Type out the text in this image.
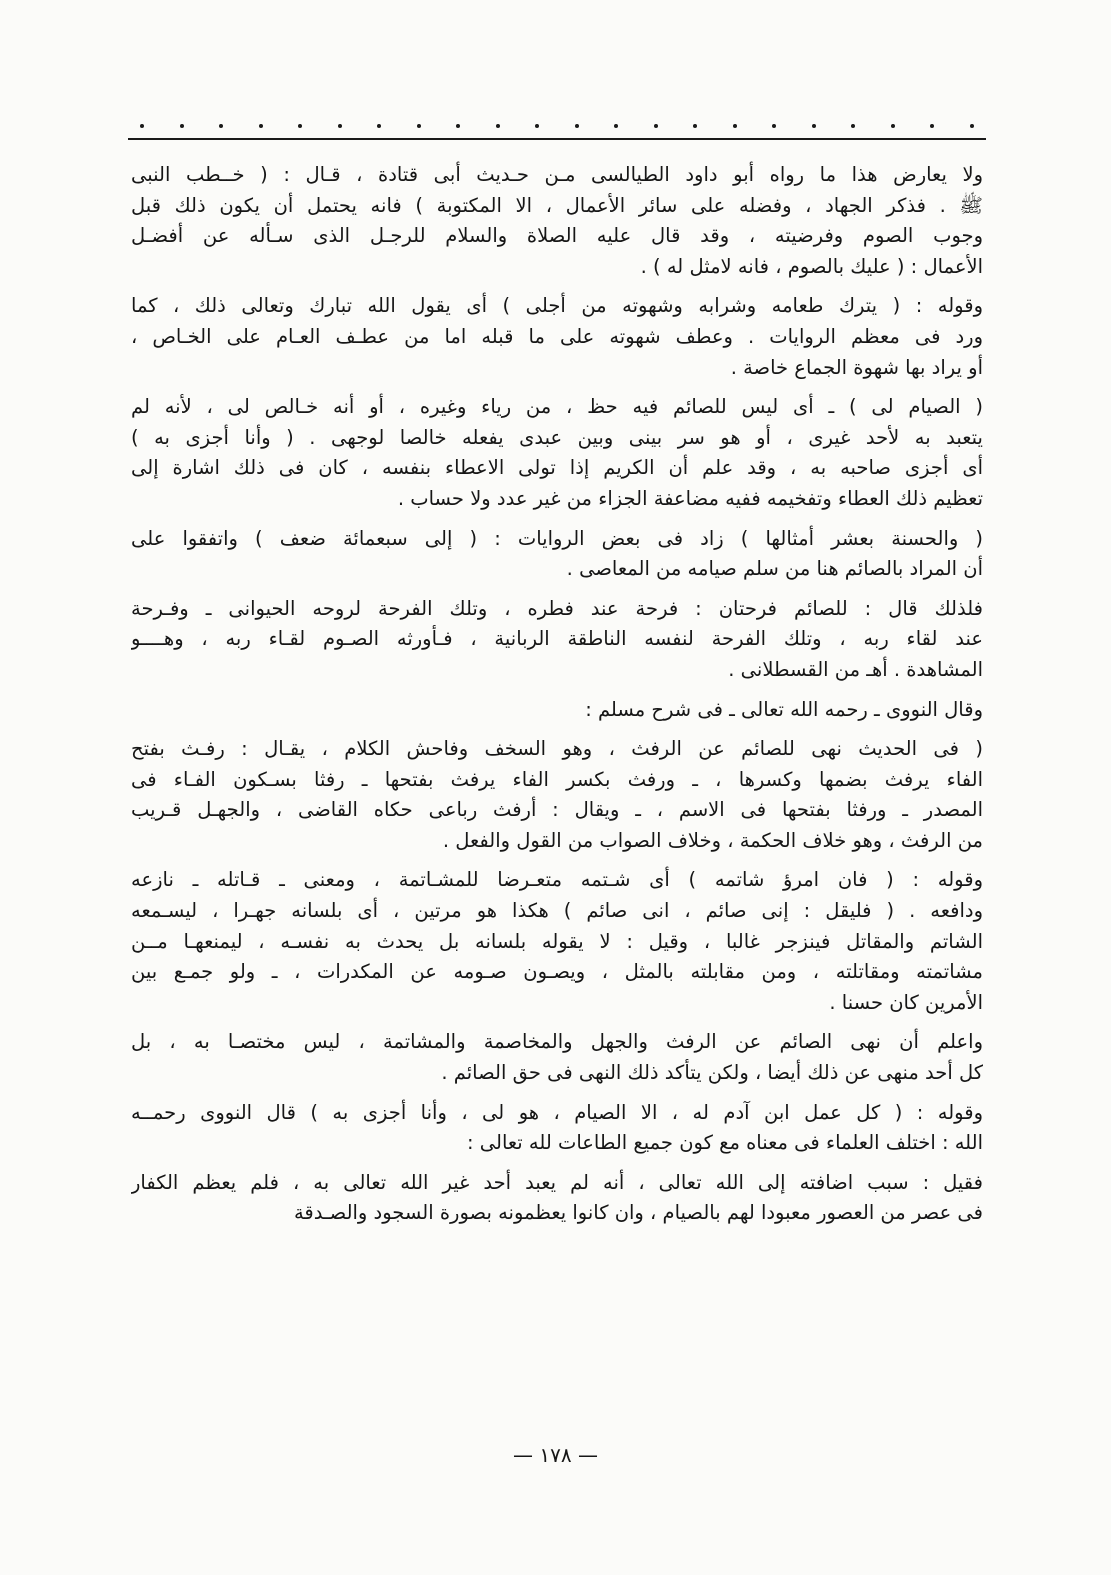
ولا يعارض هذا ما رواه أبو داود الطيالسى مـن حـديث أبى قتادة ، قـال : ( خــطب النبى
ﷺ . فذكر الجهاد ، وفضله على سائر الأعمال ، الا المكتوبة ) فانه يحتمل أن يكون ذلك قبل
وجوب الصوم وفرضيته ، وقد قال عليه الصلاة والسلام للرجـل الذى سـأله عن أفضـل
الأعمال : ( عليك بالصوم ، فانه لامثل له ) .
وقوله : ( يترك طعامه وشرابه وشهوته من أجلى ) أى يقول الله تبارك وتعالى ذلك ، كما
ورد فى معظم الروايات . وعطف شهوته على ما قبله اما من عطـف العـام على الخـاص ،
أو يراد بها شهوة الجماع خاصة .
( الصيام لى ) ـ أى ليس للصائم فيه حظ ، من رياء وغيره ، أو أنه خـالص لى ، لأنه لم
يتعبد به لأحد غيرى ، أو هو سر بينى وبين عبدى يفعله خالصا لوجهى . ( وأنا أجزى به )
أى أجزى صاحبه به ، وقد علم أن الكريم إذا تولى الاعطاء بنفسه ، كان فى ذلك اشارة إلى
تعظيم ذلك العطاء وتفخيمه ففيه مضاعفة الجزاء من غير عدد ولا حساب .
( والحسنة بعشر أمثالها ) زاد فى بعض الروايات : ( إلى سبعمائة ضعف ) واتفقوا على
أن المراد بالصائم هنا من سلم صيامه من المعاصى .
فلذلك قال : للصائم فرحتان : فرحة عند فطره ، وتلك الفرحة لروحه الحيوانى ـ وفـرحة
عند لقاء ربه ، وتلك الفرحة لنفسه الناطقة الربانية ، فـأورثه الصـوم لقـاء ربه ، وهــــو
المشاهدة . أهـ من القسطلانى .
وقال النووى ـ رحمه الله تعالى ـ فى شرح مسلم :
( فى الحديث نهى للصائم عن الرفث ، وهو السخف وفاحش الكلام ، يقـال : رفـث بفتح
الفاء يرفث بضمها وكسرها ، ـ ورفث بكسر الفاء يرفث بفتحها ـ رفثا بسـكون الفـاء فى
المصدر ـ ورفثا بفتحها فى الاسم ، ـ ويقال : أرفث رباعى حكاه القاضى ، والجهـل قـريب
من الرفث ، وهو خلاف الحكمة ، وخلاف الصواب من القول والفعل .
وقوله : ( فان امرؤ شاتمه ) أى شـتمه متعـرضا للمشـاتمة ، ومعنى ـ قـاتله ـ نازعه
ودافعه . ( فليقل : إنى صائم ، انى صائم ) هكذا هو مرتين ، أى بلسانه جهـرا ، ليسـمعه
الشاتم والمقاتل فينزجر غالبا ، وقيل : لا يقوله بلسانه بل يحدث به نفسـه ، ليمنعهـا مــن
مشاتمته ومقاتلته ، ومن مقابلته بالمثل ، ويصـون صـومه عن المكدرات ، ـ ولو جمـع بين
الأمرين كان حسنا .
واعلم أن نهى الصائم عن الرفث والجهل والمخاصمة والمشاتمة ، ليس مختصـا به ، بل
كل أحد منهى عن ذلك أيضا ، ولكن يتأكد ذلك النهى فى حق الصائم .
وقوله : ( كل عمل ابن آدم له ، الا الصيام ، هو لى ، وأنا أجزى به ) قال النووى رحمــه
الله : اختلف العلماء فى معناه مع كون جميع الطاعات لله تعالى :
فقيل : سبب اضافته إلى الله تعالى ، أنه لم يعبد أحد غير الله تعالى به ، فلم يعظم الكفار
فى عصر من العصور معبودا لهم بالصيام ، وان كانوا يعظمونه بصورة السجود والصـدقة
— ١٧٨ —
